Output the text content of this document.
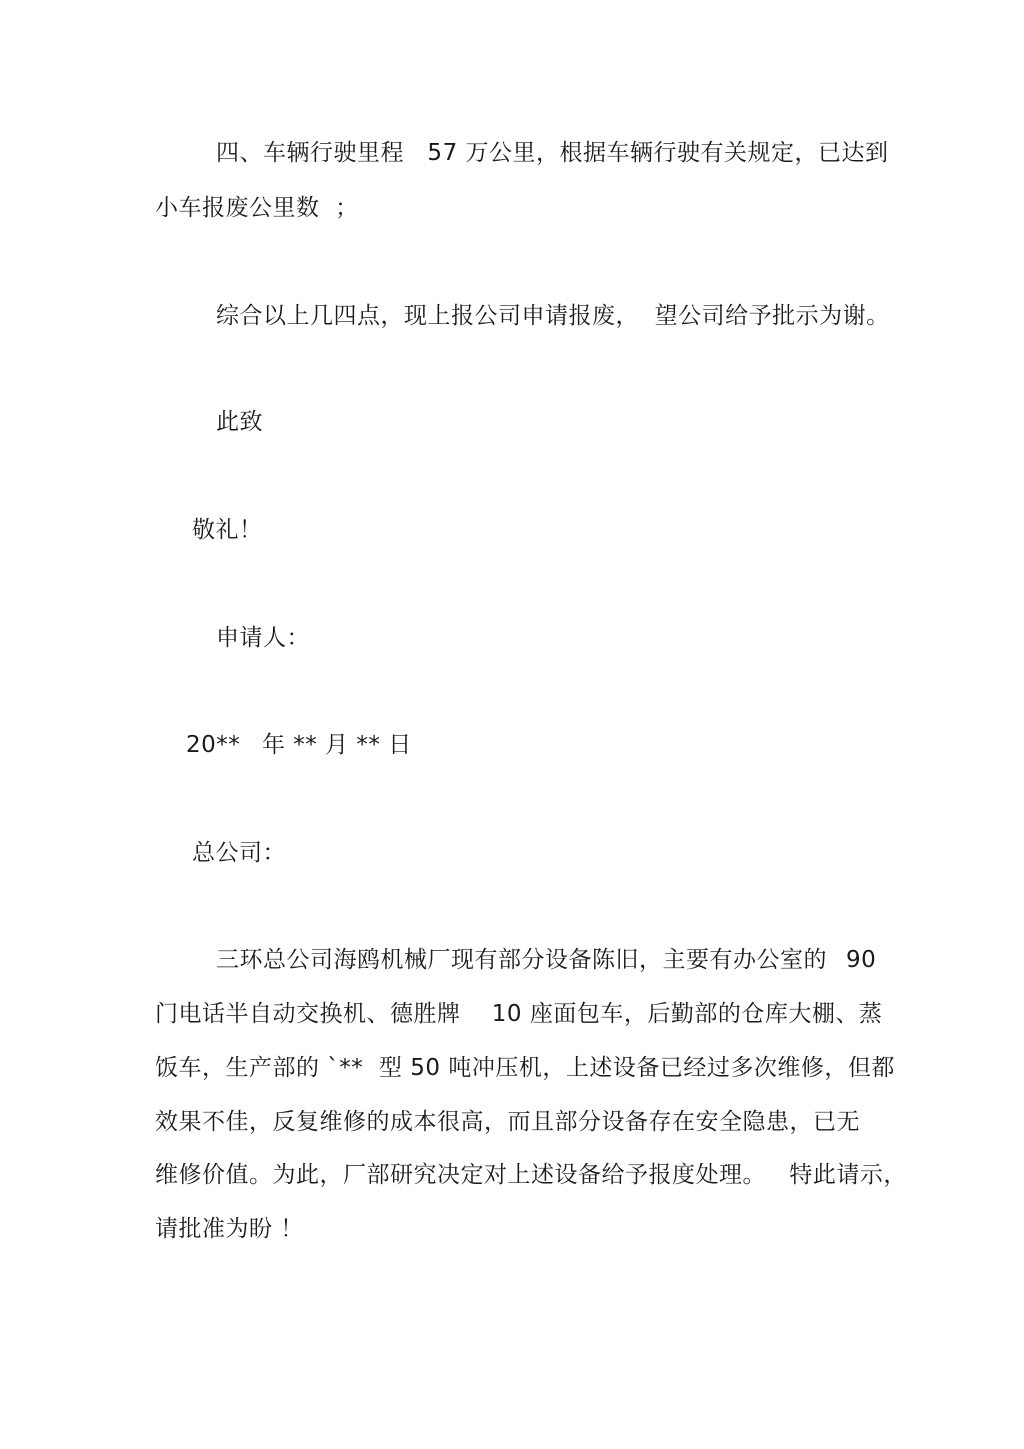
四、车辆行驶里程   57 万公里，根据车辆行驶有关规定，已达到
小车报废公里数  ；
综合以上几四点，现上报公司申请报废，  望公司给予批示为谢。
此致
敬礼！
申请人：
20** 年 ** 月 ** 日
总公司：
三环总公司海鸥机械厂现有部分设备陈旧，主要有办公室的 90
门电话半自动交换机、德胜牌    10 座面包车，后勤部的仓库大棚、蒸
饭车，生产部的 `**  型 50 吨冲压机，上述设备已经过多次维修，但都
效果不佳，反复维修的成本很高，而且部分设备存在安全隐患，已无
维修价值。为此，厂部研究决定对上述设备给予报度处理。   特此请示，
请批准为盼 ！
